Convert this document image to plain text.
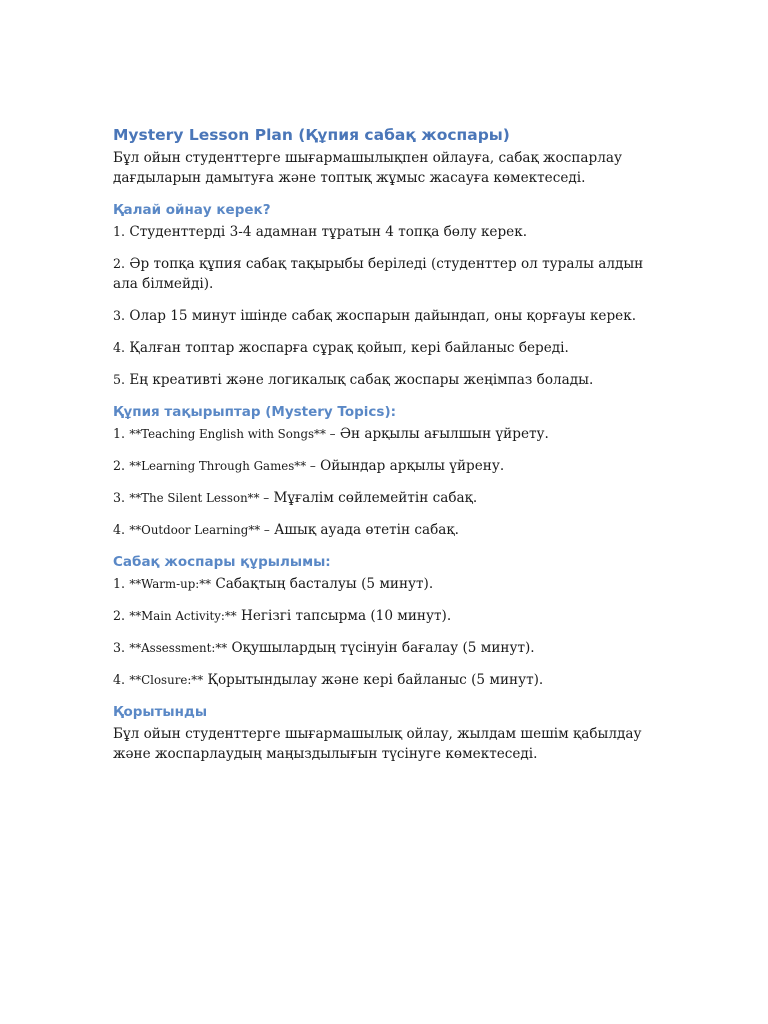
Mystery Lesson Plan (Құпия сабақ жоспары)

Бұл ойын студенттерге шығармашылықпен ойлауға, сабақ жоспарлау дағдыларын дамытуға және топтық жұмыс жасауға көмектеседі.

Қалай ойнау керек?

1. Студенттерді 3-4 адамнан тұратын 4 топқа бөлу керек.

2. Әр топқа құпия сабақ тақырыбы беріледі (студенттер ол туралы алдын ала білмейді).

3. Олар 15 минут ішінде сабақ жоспарын дайындап, оны қорғауы керек.

4. Қалған топтар жоспарға сұрақ қойып, кері байланыс береді.

5. Ең креативті және логикалық сабақ жоспары жеңімпаз болады.

Құпия тақырыптар (Mystery Topics):

1. **Teaching English with Songs** – Ән арқылы ағылшын үйрету.

2. **Learning Through Games** – Ойындар арқылы үйрену.

3. **The Silent Lesson** – Мұғалім сөйлемейтін сабақ.

4. **Outdoor Learning** – Ашық ауада өтетін сабақ.

Сабақ жоспары құрылымы:

1. **Warm-up:** Сабақтың басталуы (5 минут).

2. **Main Activity:** Негізгі тапсырма (10 минут).

3. **Assessment:** Оқушылардың түсінуін бағалау (5 минут).

4. **Closure:** Қорытындылау және кері байланыс (5 минут).

Қорытынды

Бұл ойын студенттерге шығармашылық ойлау, жылдам шешім қабылдау және жоспарлаудың маңыздылығын түсінуге көмектеседі.
